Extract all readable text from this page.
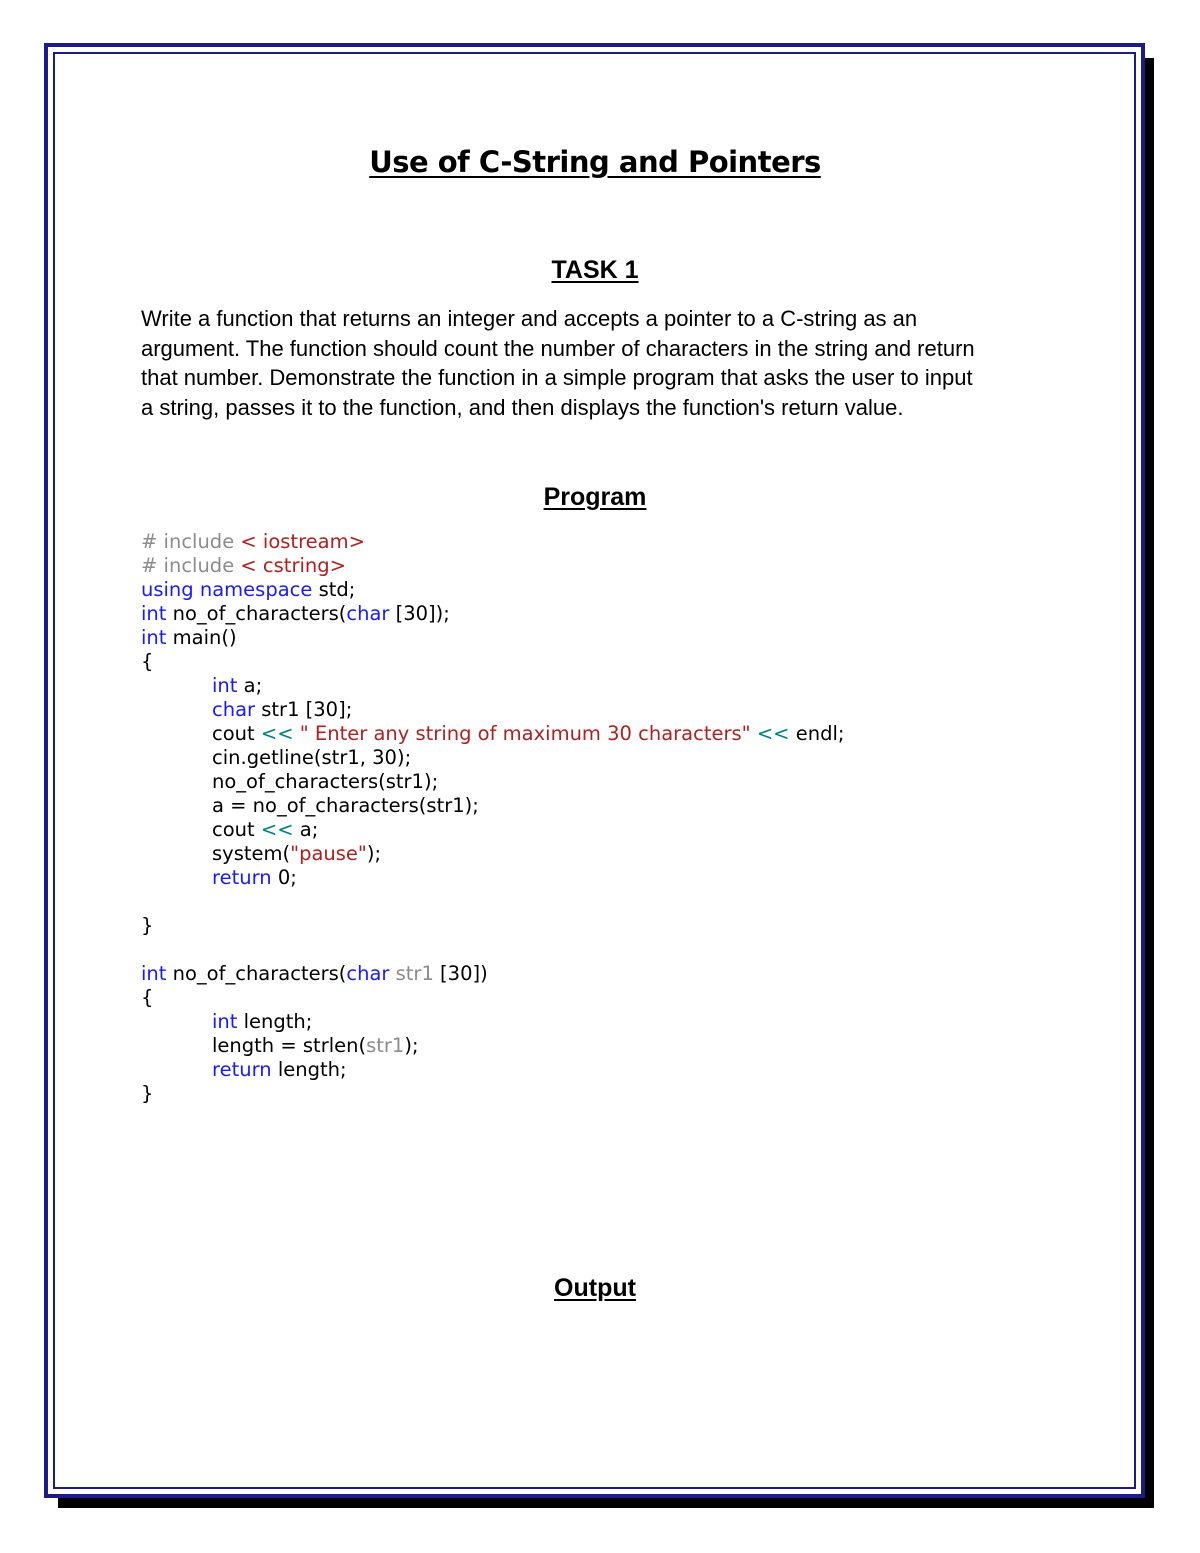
Use of C-String and Pointers
TASK 1
Write a function that returns an integer and accepts a pointer to a C-string as an
argument. The function should count the number of characters in the string and return
that number. Demonstrate the function in a simple program that asks the user to input
a string, passes it to the function, and then displays the function's return value.
Program
# include < iostream>
# include < cstring>
using namespace std;
int no_of_characters(char [30]);
int main()
{
int a;
char str1 [30];
cout << " Enter any string of maximum 30 characters" << endl;
cin.getline(str1, 30);
no_of_characters(str1);
a = no_of_characters(str1);
cout << a;
system("pause");
return 0;
}
int no_of_characters(char str1 [30])
{
int length;
length = strlen(str1);
return length;
}
Output
